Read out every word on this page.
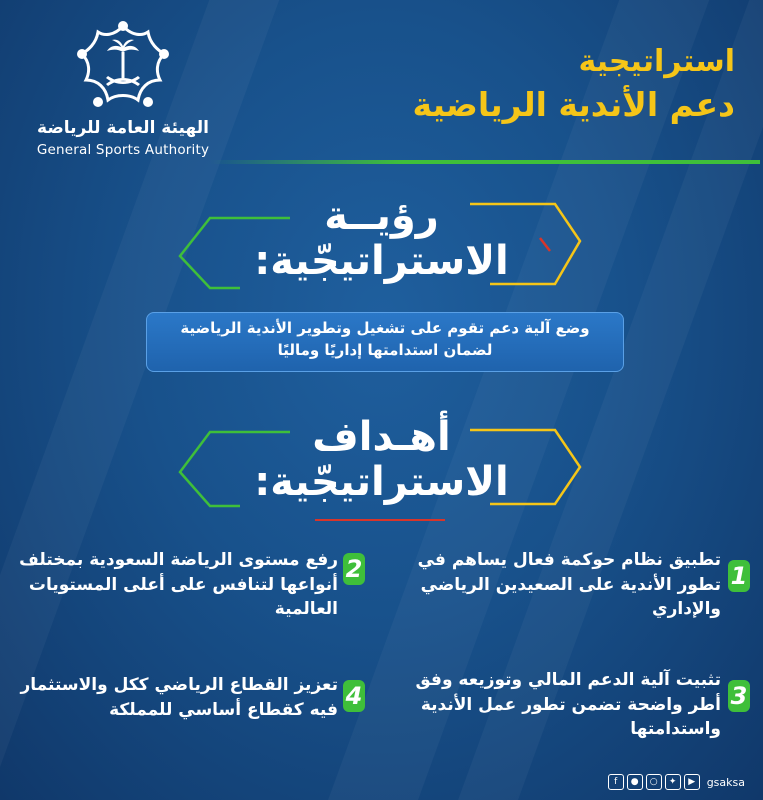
الهيئة العامة للرياضة
General Sports Authority
استراتيجية
دعم الأندية الرياضية
رؤيــة
الاستراتيجّية:
وضع آلية دعم تقوم على تشغيل وتطوير الأندية الرياضية
لضمان استدامتها إداريًا وماليًا
أهـداف
الاستراتيجّية:
1
تطبيق نظام حوكمة فعال يساهم في
تطور الأندية على الصعيدين الرياضي
والإداري
2
رفع مستوى الرياضة السعودية بمختلف
أنواعها لتنافس على أعلى المستويات
العالمية
3
تثبيت آلية الدعم المالي وتوزيعه وفق
أطر واضحة تضمن تطور عمل الأندية
واستدامتها
4
تعزيز القطاع الرياضي ككل والاستثمار
فيه كقطاع أساسي للمملكة
f	●	○	✦	▶	gsaksa
